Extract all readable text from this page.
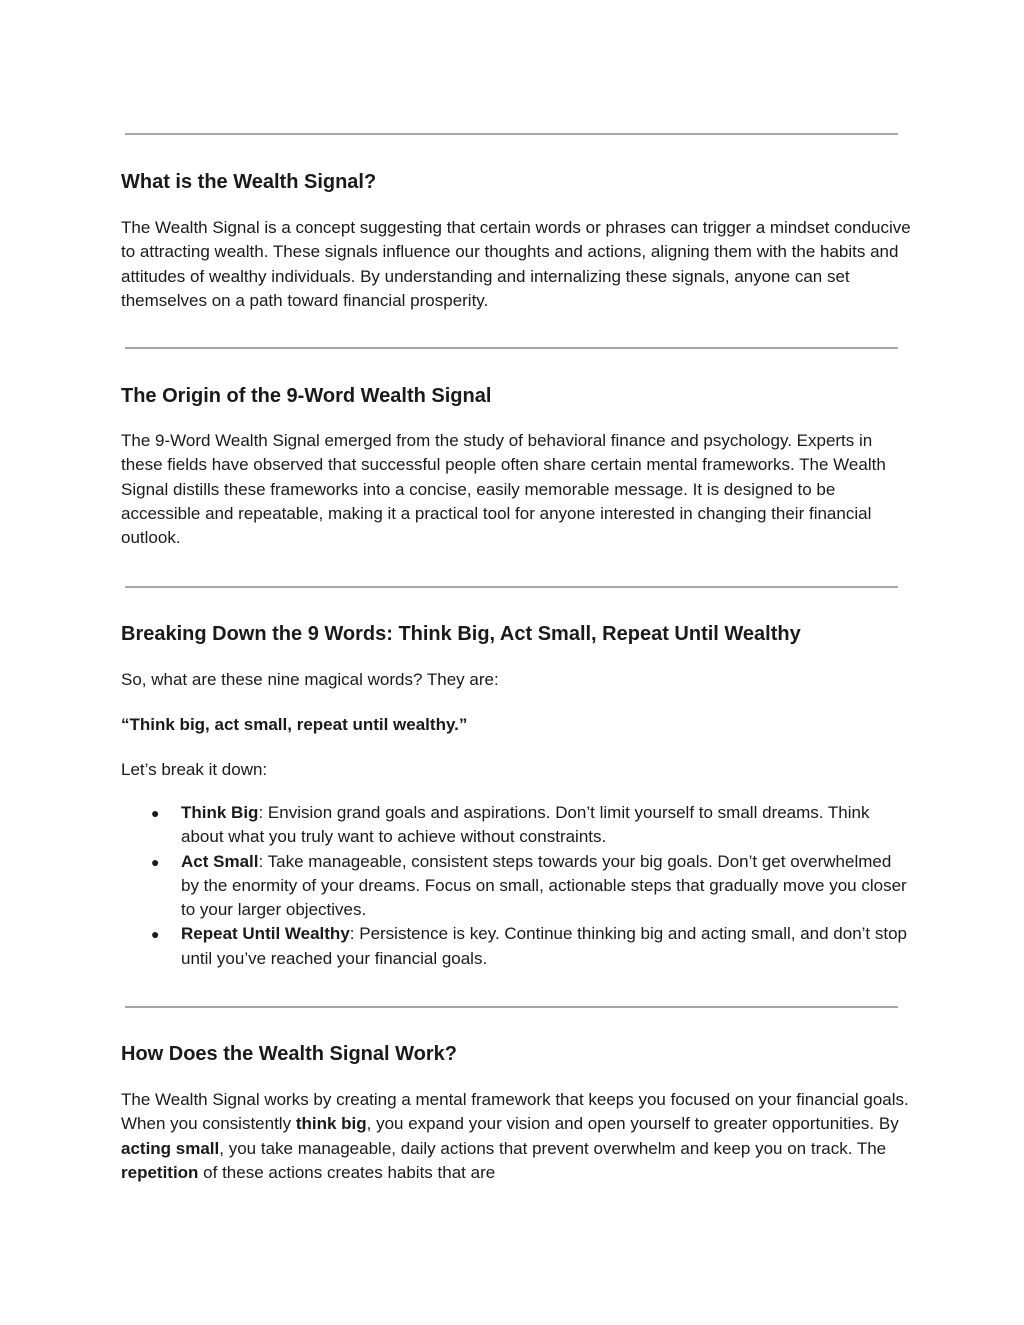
What is the Wealth Signal?

The Wealth Signal is a concept suggesting that certain words or phrases can trigger a mindset conducive to attracting wealth. These signals influence our thoughts and actions, aligning them with the habits and attitudes of wealthy individuals. By understanding and internalizing these signals, anyone can set themselves on a path toward financial prosperity.

The Origin of the 9-Word Wealth Signal

The 9-Word Wealth Signal emerged from the study of behavioral finance and psychology. Experts in these fields have observed that successful people often share certain mental frameworks. The Wealth Signal distills these frameworks into a concise, easily memorable message. It is designed to be accessible and repeatable, making it a practical tool for anyone interested in changing their financial outlook.

Breaking Down the 9 Words: Think Big, Act Small, Repeat Until Wealthy

So, what are these nine magical words? They are:

“Think big, act small, repeat until wealthy.”

Let’s break it down:

● Think Big: Envision grand goals and aspirations. Don’t limit yourself to small dreams. Think about what you truly want to achieve without constraints.
● Act Small: Take manageable, consistent steps towards your big goals. Don’t get overwhelmed by the enormity of your dreams. Focus on small, actionable steps that gradually move you closer to your larger objectives.
● Repeat Until Wealthy: Persistence is key. Continue thinking big and acting small, and don’t stop until you’ve reached your financial goals.
How Does the Wealth Signal Work?

The Wealth Signal works by creating a mental framework that keeps you focused on your financial goals. When you consistently think big, you expand your vision and open yourself to greater opportunities. By acting small, you take manageable, daily actions that prevent overwhelm and keep you on track. The repetition of these actions creates habits that are
